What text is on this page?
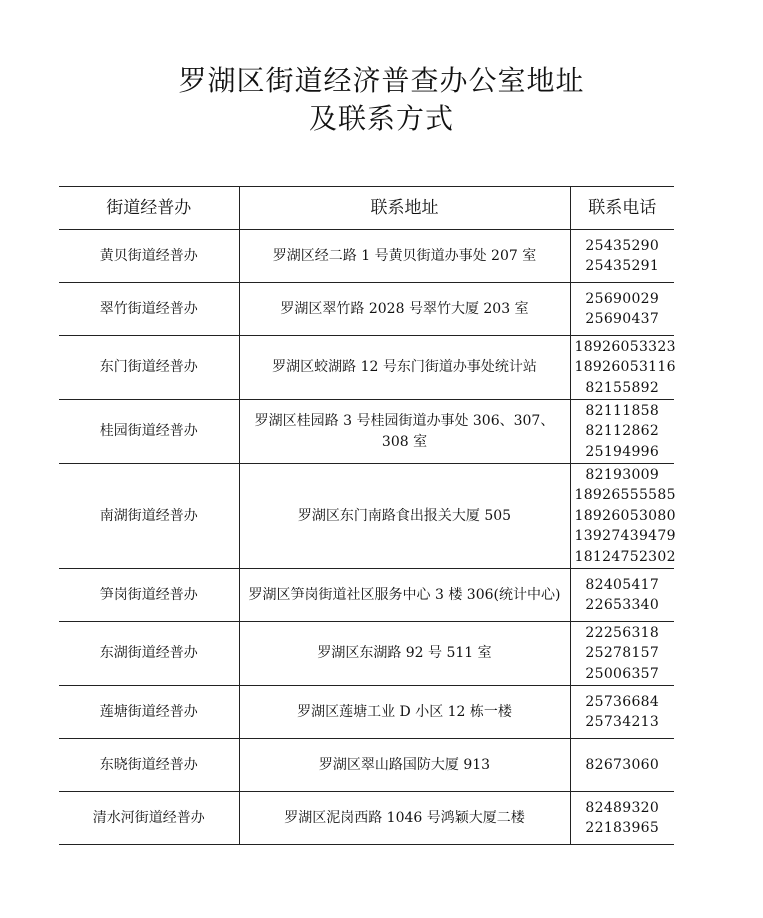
罗湖区街道经济普查办公室地址
及联系方式
街道经普办	联系地址	联系电话
黄贝街道经普办	罗湖区经二路 1 号黄贝街道办事处 207 室	25435290
25435291

翠竹街道经普办	罗湖区翠竹路 2028 号翠竹大厦 203 室	25690029
25690437

东门街道经普办	罗湖区蛟湖路 12 号东门街道办事处统计站	18926053323
18926053116
82155892

桂园街道经普办	罗湖区桂园路 3 号桂园街道办事处 306、307、308 室	82111858
82112862
25194996

南湖街道经普办	罗湖区东门南路食出报关大厦 505	82193009
18926555585
18926053080
13927439479
18124752302

笋岗街道经普办	罗湖区笋岗街道社区服务中心 3 楼 306(统计中心)	82405417
22653340

东湖街道经普办	罗湖区东湖路 92 号 511 室	22256318
25278157
25006357

莲塘街道经普办	罗湖区莲塘工业 D 小区 12 栋一楼	25736684
25734213

东晓街道经普办	罗湖区翠山路国防大厦 913	82673060

清水河街道经普办	罗湖区泥岗西路 1046 号鸿颖大厦二楼	82489320
22183965
